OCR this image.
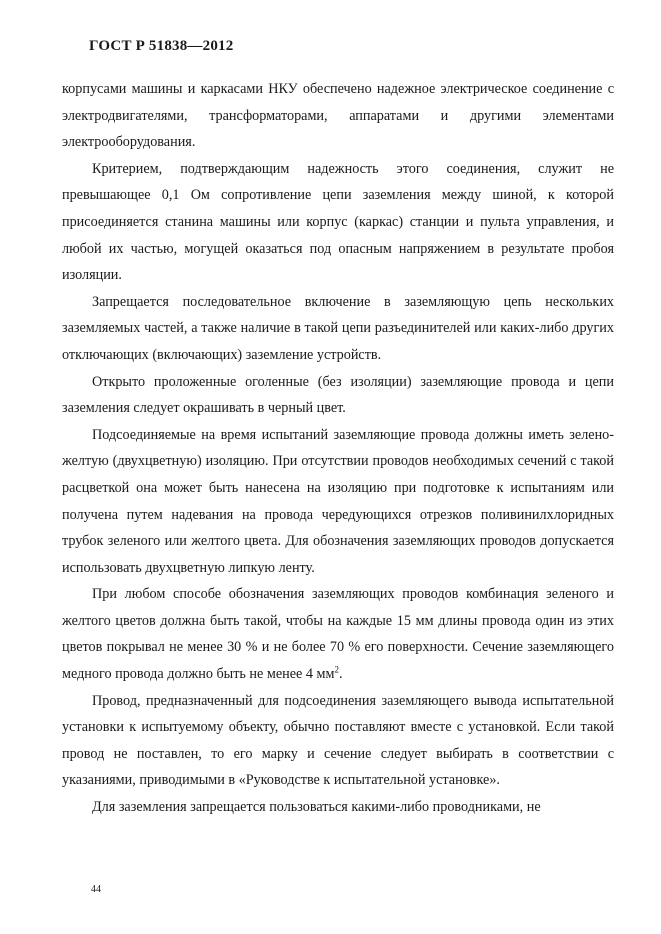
ГОСТ Р 51838—2012

корпусами машины и каркасами НКУ обеспечено надежное электрическое соединение с электродвигателями, трансформаторами, аппаратами и другими элементами электрооборудования.

Критерием, подтверждающим надежность этого соединения, служит не превышающее 0,1 Ом сопротивление цепи заземления между шиной, к которой присоединяется станина машины или корпус (каркас) станции и пульта управления, и любой их частью, могущей оказаться под опасным напряжением в результате пробоя изоляции.

Запрещается последовательное включение в заземляющую цепь нескольких заземляемых частей, а также наличие в такой цепи разъединителей или каких-либо других отключающих (включающих) заземление устройств.

Открыто проложенные оголенные (без изоляции) заземляющие провода и цепи заземления следует окрашивать в черный цвет.

Подсоединяемые на время испытаний заземляющие провода должны иметь зелено-желтую (двухцветную) изоляцию. При отсутствии проводов необходимых сечений с такой расцветкой она может быть нанесена на изоляцию при подготовке к испытаниям или получена путем надевания на провода чередующихся отрезков поливинилхлоридных трубок зеленого или желтого цвета. Для обозначения заземляющих проводов допускается использовать двухцветную липкую ленту.

При любом способе обозначения заземляющих проводов комбинация зеленого и желтого цветов должна быть такой, чтобы на каждые 15 мм длины провода один из этих цветов покрывал не менее 30 % и не более 70 % его поверхности. Сечение заземляющего медного провода должно быть не менее 4 $мм^2$.

Провод, предназначенный для подсоединения заземляющего вывода испытательной установки к испытуемому объекту, обычно поставляют вместе с установкой. Если такой провод не поставлен, то его марку и сечение следует выбирать в соответствии с указаниями, приводимыми в «Руководстве к испытательной установке».

Для заземления запрещается пользоваться какими-либо проводниками, не

44
